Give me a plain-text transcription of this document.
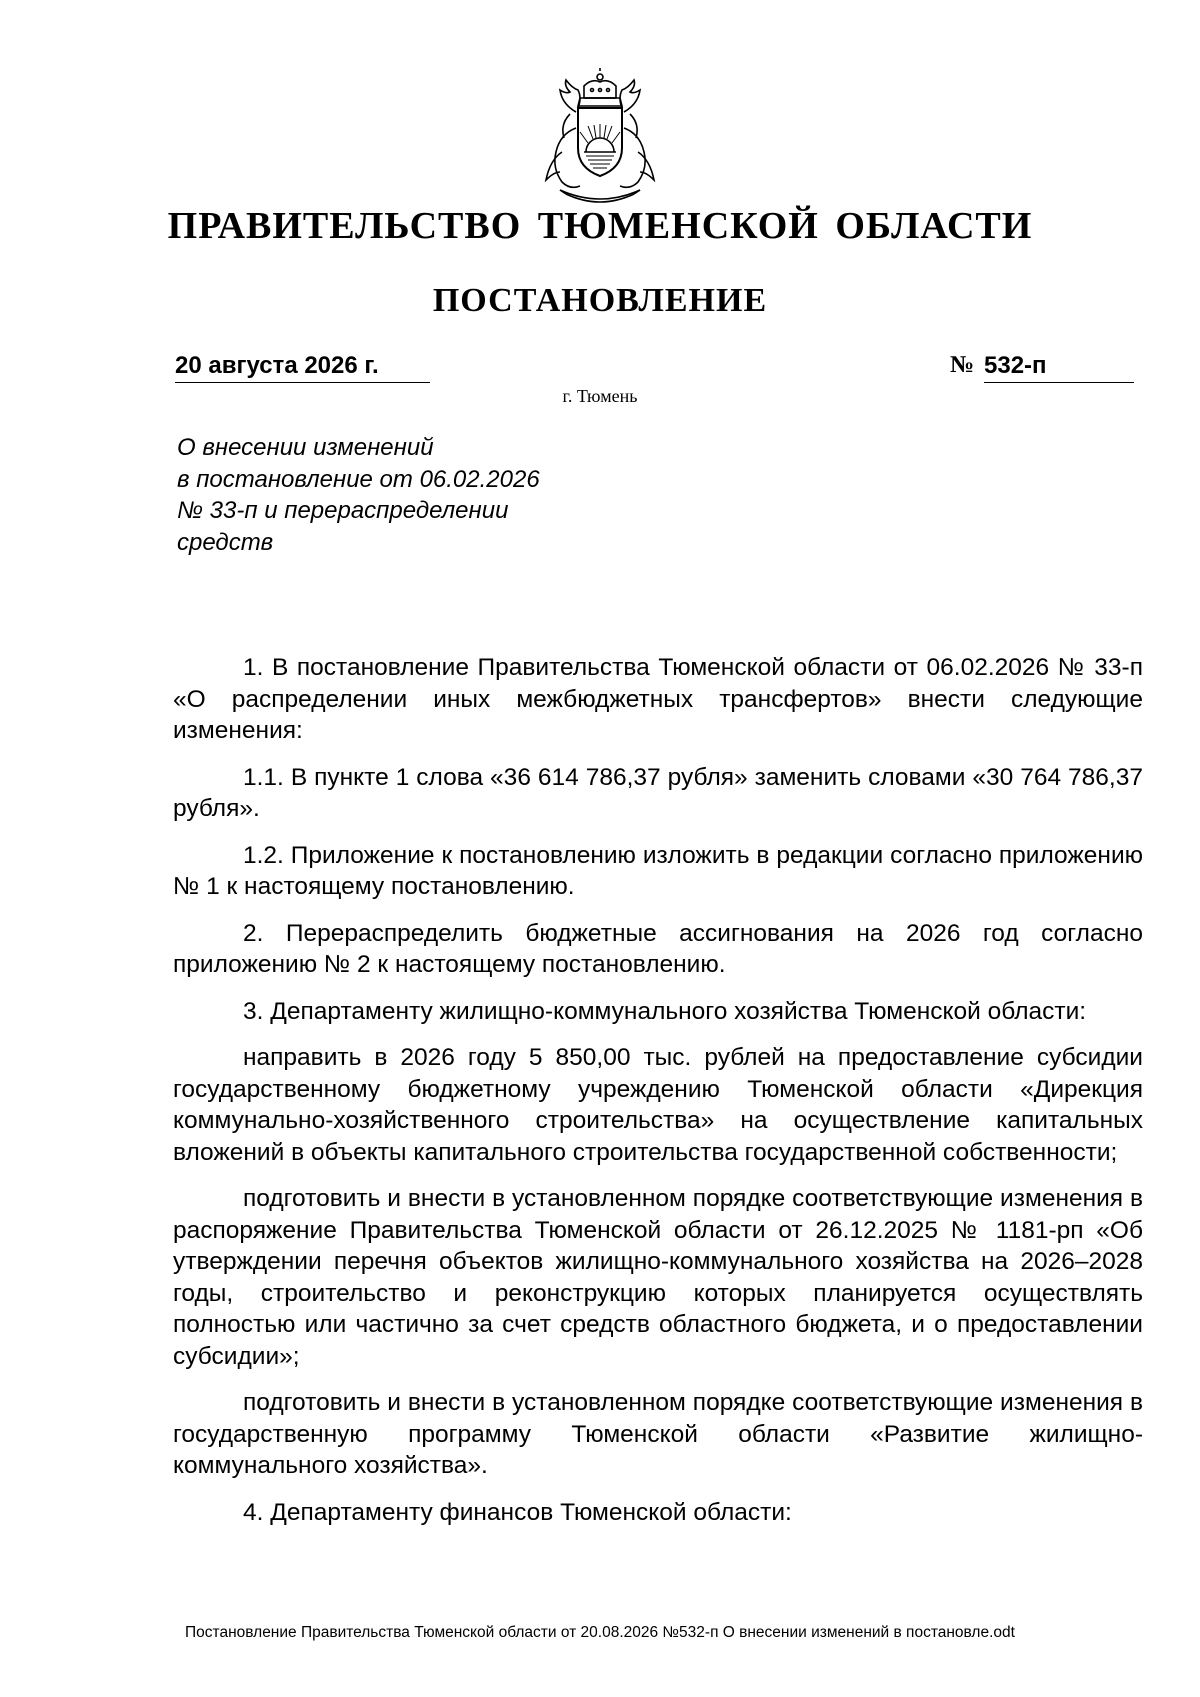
ПРАВИТЕЛЬСТВО ТЮМЕНСКОЙ ОБЛАСТИ
ПОСТАНОВЛЕНИЕ
20 августа 2026 г.	№ 532-п
г. Тюмень
О внесении изменений
в постановление от 06.02.2026
№ 33-п и перераспределении
средств

1. В постановление Правительства Тюменской области от 06.02.2026 № 33-п «О распределении иных межбюджетных трансфертов» внести следующие изменения:

1.1. В пункте 1 слова «36 614 786,37 рубля» заменить словами «30 764 786,37 рубля».

1.2. Приложение к постановлению изложить в редакции согласно приложению № 1 к настоящему постановлению.

2. Перераспределить бюджетные ассигнования на 2026 год согласно приложению № 2 к настоящему постановлению.

3. Департаменту жилищно-коммунального хозяйства Тюменской области:

направить в 2026 году 5 850,00 тыс. рублей на предоставление субсидии государственному бюджетному учреждению Тюменской области «Дирекция коммунально-хозяйственного строительства» на осуществление капитальных вложений в объекты капитального строительства государственной собственности;

подготовить и внести в установленном порядке соответствующие изменения в распоряжение Правительства Тюменской области от 26.12.2025 № 1181-рп «Об утверждении перечня объектов жилищно-коммунального хозяйства на 2026–2028 годы, строительство и реконструкцию которых планируется осуществлять полностью или частично за счет средств областного бюджета, и о предоставлении субсидии»;

подготовить и внести в установленном порядке соответствующие изменения в государственную программу Тюменской области «Развитие жилищно-коммунального хозяйства».

4. Департаменту финансов Тюменской области:

Постановление Правительства Тюменской области от 20.08.2026 №532-п О внесении изменений в постановле.odt
